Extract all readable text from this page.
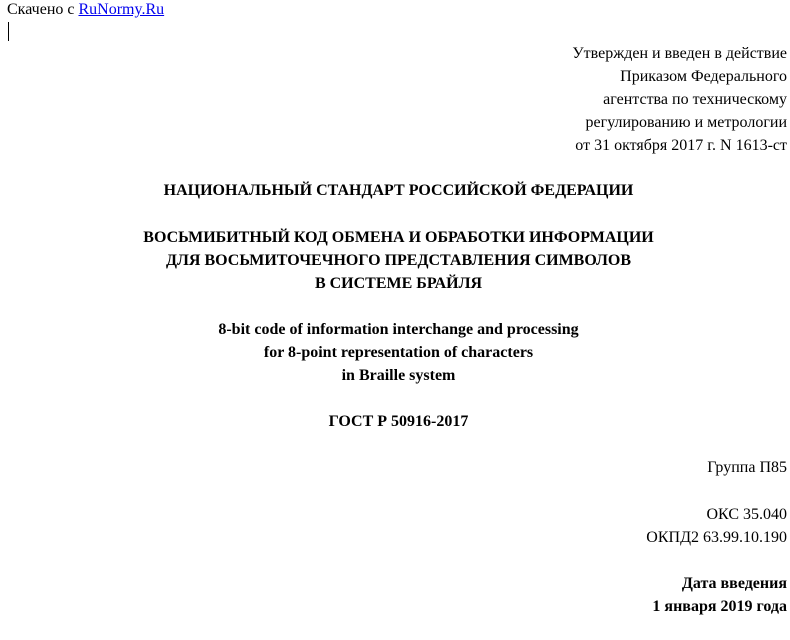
Скачено с RuNormy.Ru
Утвержден и введен в действие
Приказом Федерального
агентства по техническому
регулированию и метрологии
от 31 октября 2017 г. N 1613-ст
НАЦИОНАЛЬНЫЙ СТАНДАРТ РОССИЙСКОЙ ФЕДЕРАЦИИ
ВОСЬМИБИТНЫЙ КОД ОБМЕНА И ОБРАБОТКИ ИНФОРМАЦИИ
ДЛЯ ВОСЬМИТОЧЕЧНОГО ПРЕДСТАВЛЕНИЯ СИМВОЛОВ
В СИСТЕМЕ БРАЙЛЯ
8-bit code of information interchange and processing
for 8-point representation of characters
in Braille system
ГОСТ Р 50916-2017
Группа П85
ОКС 35.040
ОКПД2 63.99.10.190
Дата введения
1 января 2019 года
